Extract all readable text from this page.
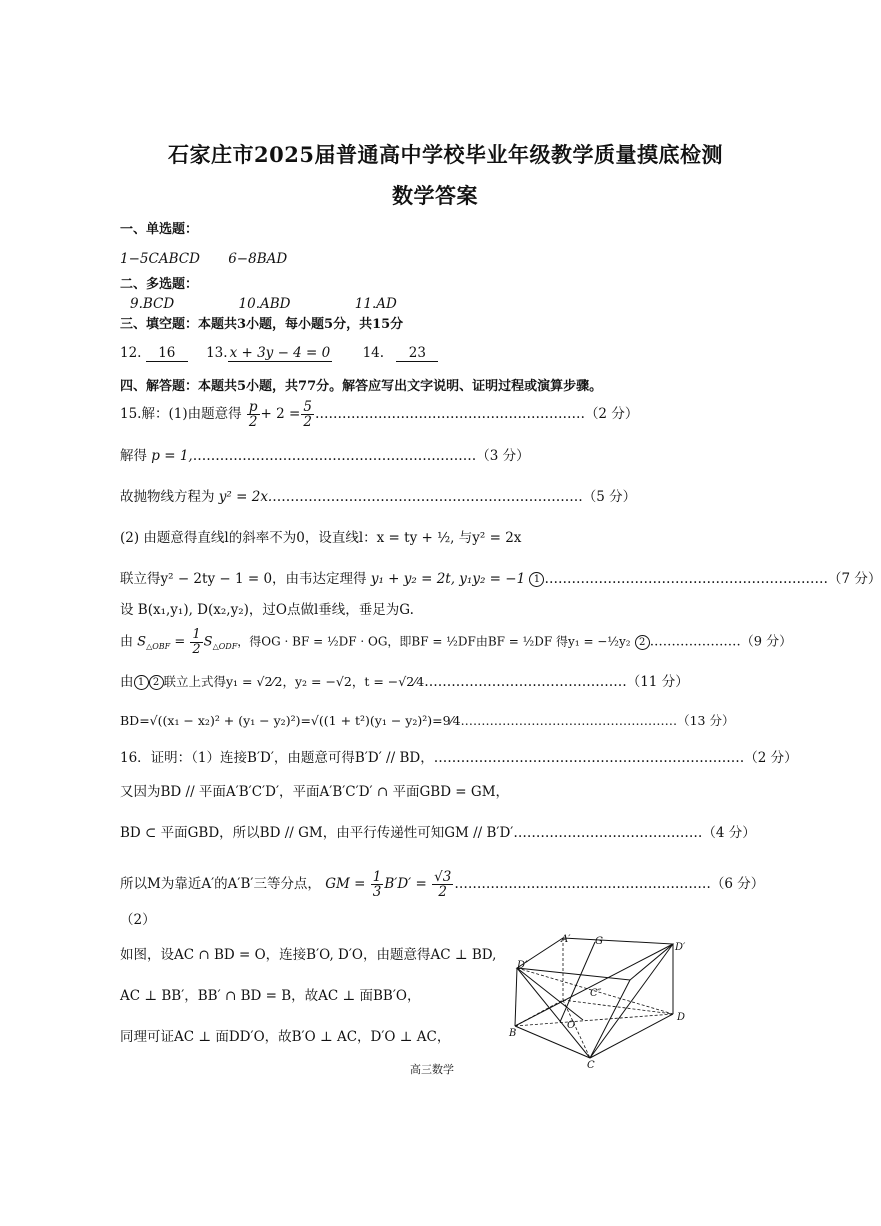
石家庄市2025届普通高中学校毕业年级教学质量摸底检测
数学答案
一、单选题：
1−5CABCD 6−8BAD
二、多选题：
9.BCD	10.ABD	11.AD
三、填空题：本题共3小题，每小题5分，共15分
12. 16 13. x + 3y − 4 = 0 14. 23
四、解答题：本题共5小题，共77分。解答应写出文字说明、证明过程或演算步骤。
15.解：(1)由题意得 $\frac{p}{2} + 2 = \frac{5}{2}$ ……………………………………………………（2 分）
解得 p = 1,………………………………………………………（3 分）
故抛物线方程为 y² = 2x.……………………………………………………………（5 分）
(2) 由题意得直线l的斜率不为0，设直线l：x = ty + ½, 与y² = 2x
联立得y² − 2ty − 1 = 0，由韦达定理得 y₁ + y₂ = 2t, y₁y₂ = −1 1 ………………………………………………………（7 分）
设 B(x₁,y₁), D(x₂,y₂)，过O点做l垂线，垂足为G.
由 $S_{\triangle OBF} = \frac{1}{2} S_{\triangle ODF}$，得OG · BF = ½DF · OG，即BF = ½DF由BF = ½DF 得y₁ = −½y₂ 2 …………………（9 分）
由 1 2 联立上式得y₁ = √2⁄2，y₂ = −√2，t = −√2⁄4………………………………………（11 分）
BD=√((x₁ − x₂)² + (y₁ − y₂)²)=√((1 + t²)(y₁ − y₂)²)=9⁄4.……………………………………………（13 分）
16．证明：（1）连接B′D′，由题意可得B′D′ // BD，……………………………………………………………（2 分）
又因为BD // 平面A′B′C′D′，平面A′B′C′D′ ∩ 平面GBD = GM，
BD ⊂ 平面GBD，所以BD // GM，由平行传递性可知GM // B′D′……………………………………（4 分）
所以M为靠近A′的A′B′三等分点， GM = $\frac{1}{3} B'D' = \frac{√3}{2}$ …………………………………………………（6 分）
（2）
如图，设AC ∩ BD = O，连接B′O, D′O，由题意得AC ⊥ BD,
AC ⊥ BB′，BB′ ∩ BD = B，故AC ⊥ 面BB′O，
同理可证AC ⊥ 面DD′O，故B′O ⊥ AC，D′O ⊥ AC，
A′ G
D′
D″
C″
O
B
C
D
高三数学
